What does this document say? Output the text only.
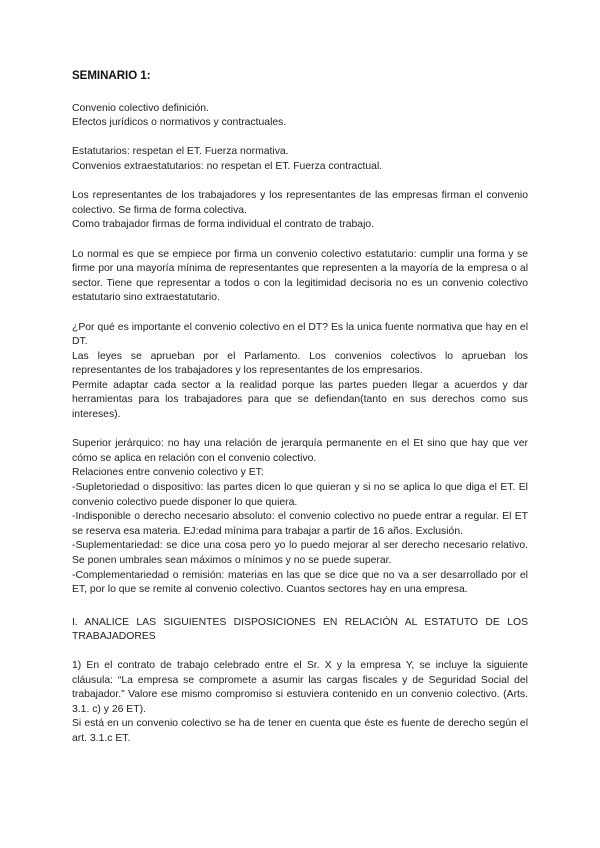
SEMINARIO 1:

Convenio colectivo definición.
Efectos jurídicos o normativos y contractuales.
Estatutarios: respetan el ET. Fuerza normativa.
Convenios extraestatutarios: no respetan el ET. Fuerza contractual.
Los representantes de los trabajadores y los representantes de las empresas firman el convenio colectivo. Se firma de forma colectiva.
Como trabajador firmas de forma individual el contrato de trabajo.

Lo normal es que se empiece por firma un convenio colectivo estatutario: cumplir una forma y se firme por una mayoría mínima de representantes que representen a la mayoría de la empresa o al sector. Tiene que representar a todos o con la legitimidad decisoria no es un convenio colectivo estatutario sino extraestatutario.

¿Por qué es importante el convenio colectivo en el DT? Es la unica fuente normativa que hay en el DT.
Las leyes se aprueban por el Parlamento. Los convenios colectivos lo aprueban los representantes de los trabajadores y los representantes de los empresarios.
Permite adaptar cada sector a la realidad porque las partes pueden llegar a acuerdos y dar herramientas para los trabajadores para que se defiendan(tanto en sus derechos como sus intereses).
Superior jerárquico: no hay una relación de jerarquía permanente en el Et sino que hay que ver cómo se aplica en relación con el convenio colectivo.
Relaciones entre convenio colectivo y ET:
-Supletoriedad o dispositivo: las partes dicen lo que quieran y si no se aplica lo que diga el ET. El convenio colectivo puede disponer lo que quiera.
-Indisponible o derecho necesario absoluto: el convenio colectivo no puede entrar a regular. El ET se reserva esa materia. EJ:edad mínima para trabajar a partir de 16 años. Exclusión.
-Suplementariedad: se dice una cosa pero yo lo puedo mejorar al ser derecho necesario relativo. Se ponen umbrales sean máximos o mínimos y no se puede superar.
-Complementariedad o remisión: materias en las que se dice que no va a ser desarrollado por el ET, por lo que se remite al convenio colectivo. Cuantos sectores hay en una empresa.

I. ANALICE LAS SIGUIENTES DISPOSICIONES EN RELACIÓN AL ESTATUTO DE LOS TRABAJADORES

1) En el contrato de trabajo celebrado entre el Sr. X y la empresa Y, se incluye la siguiente cláusula: “La empresa se compromete a asumir las cargas fiscales y de Seguridad Social del trabajador.” Valore ese mismo compromiso si estuviera contenido en un convenio colectivo. (Arts. 3.1. c) y 26 ET).
Si está en un convenio colectivo se ha de tener en cuenta que éste es fuente de derecho según el art. 3.1.c ET.
